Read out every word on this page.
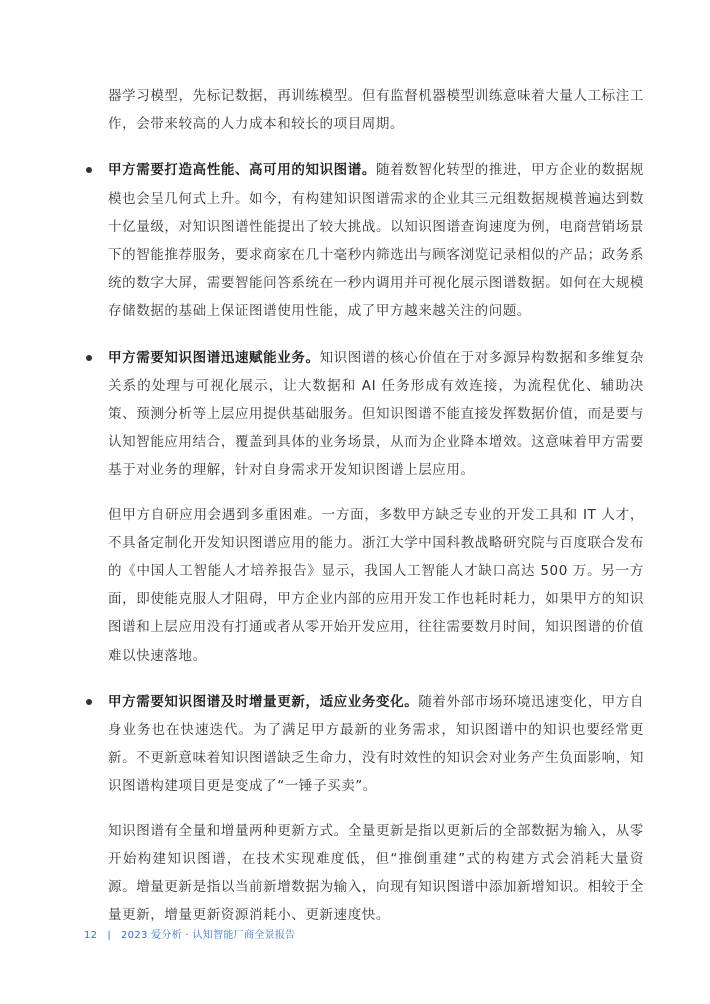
器学习模型，先标记数据，再训练模型。但有监督机器模型训练意味着大量人工标注工作，会带来较高的人力成本和较长的项目周期。

甲方需要打造高性能、高可用的知识图谱。随着数智化转型的推进，甲方企业的数据规模也会呈几何式上升。如今，有构建知识图谱需求的企业其三元组数据规模普遍达到数十亿量级，对知识图谱性能提出了较大挑战。以知识图谱查询速度为例，电商营销场景下的智能推荐服务，要求商家在几十毫秒内筛选出与顾客浏览记录相似的产品；政务系统的数字大屏，需要智能问答系统在一秒内调用并可视化展示图谱数据。如何在大规模存储数据的基础上保证图谱使用性能，成了甲方越来越关注的问题。

甲方需要知识图谱迅速赋能业务。知识图谱的核心价值在于对多源异构数据和多维复杂关系的处理与可视化展示，让大数据和 AI 任务形成有效连接，为流程优化、辅助决策、预测分析等上层应用提供基础服务。但知识图谱不能直接发挥数据价值，而是要与认知智能应用结合，覆盖到具体的业务场景，从而为企业降本增效。这意味着甲方需要基于对业务的理解，针对自身需求开发知识图谱上层应用。

但甲方自研应用会遇到多重困难。一方面，多数甲方缺乏专业的开发工具和 IT 人才，不具备定制化开发知识图谱应用的能力。浙江大学中国科教战略研究院与百度联合发布的《中国人工智能人才培养报告》显示，我国人工智能人才缺口高达 500 万。另一方面，即使能克服人才阻碍，甲方企业内部的应用开发工作也耗时耗力，如果甲方的知识图谱和上层应用没有打通或者从零开始开发应用，往往需要数月时间，知识图谱的价值难以快速落地。

甲方需要知识图谱及时增量更新，适应业务变化。随着外部市场环境迅速变化，甲方自身业务也在快速迭代。为了满足甲方最新的业务需求，知识图谱中的知识也要经常更新。不更新意味着知识图谱缺乏生命力，没有时效性的知识会对业务产生负面影响，知识图谱构建项目更是变成了“一锤子买卖”。

知识图谱有全量和增量两种更新方式。全量更新是指以更新后的全部数据为输入，从零开始构建知识图谱，在技术实现难度低，但“推倒重建”式的构建方式会消耗大量资源。增量更新是指以当前新增数据为输入，向现有知识图谱中添加新增知识。相较于全量更新，增量更新资源消耗小、更新速度快。

12 | 2023 爱分析 · 认知智能厂商全景报告
